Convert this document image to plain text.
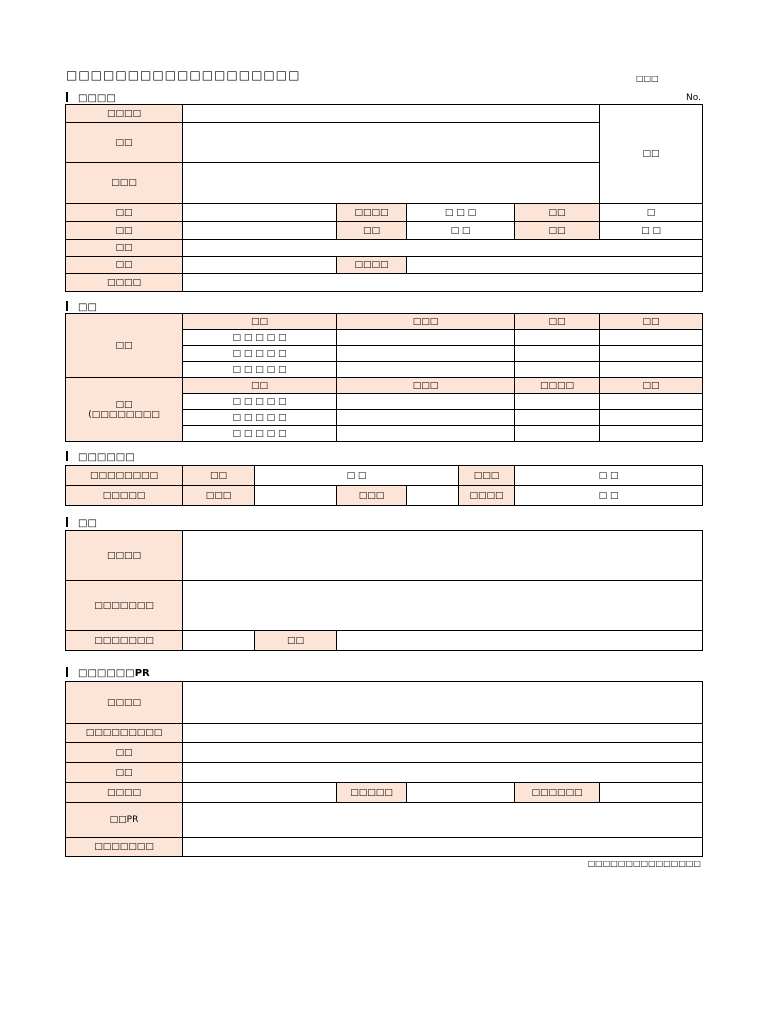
□□□□□□□□□□□□□□□□□□□	□□□
No.
□□□□
□□□□					□□
□□					
□□□					
□□		□□□□	□ □ □	□□	□
□□		□□	□ □	□□	□ □
□□					
□□		□□□□			
□□□□					
□□
□□	□□	□□□	□□	□□
	□ □ □ □ □			
	□ □ □ □ □			
	□ □ □ □ □			

□□
(□□□□□□□□	□□	□□□	□□□□	□□
	□ □ □ □ □			
	□ □ □ □ □			
	□ □ □ □ □			
□□□□□□
□□□□□□□□	□□	□ □			□□□	□ □
□□□□□	□□□		□□□		□□□□	□ □
□□
□□□□			
□□□□□□□			
□□□□□□□		□□	
□□□□□□PR
□□□□					
□□□□□□□□□					
□□					
□□					
□□□□		□□□□□		□□□□□□	
□□PR					
□□□□□□□					
□□□□□□□□□□□□□□□
